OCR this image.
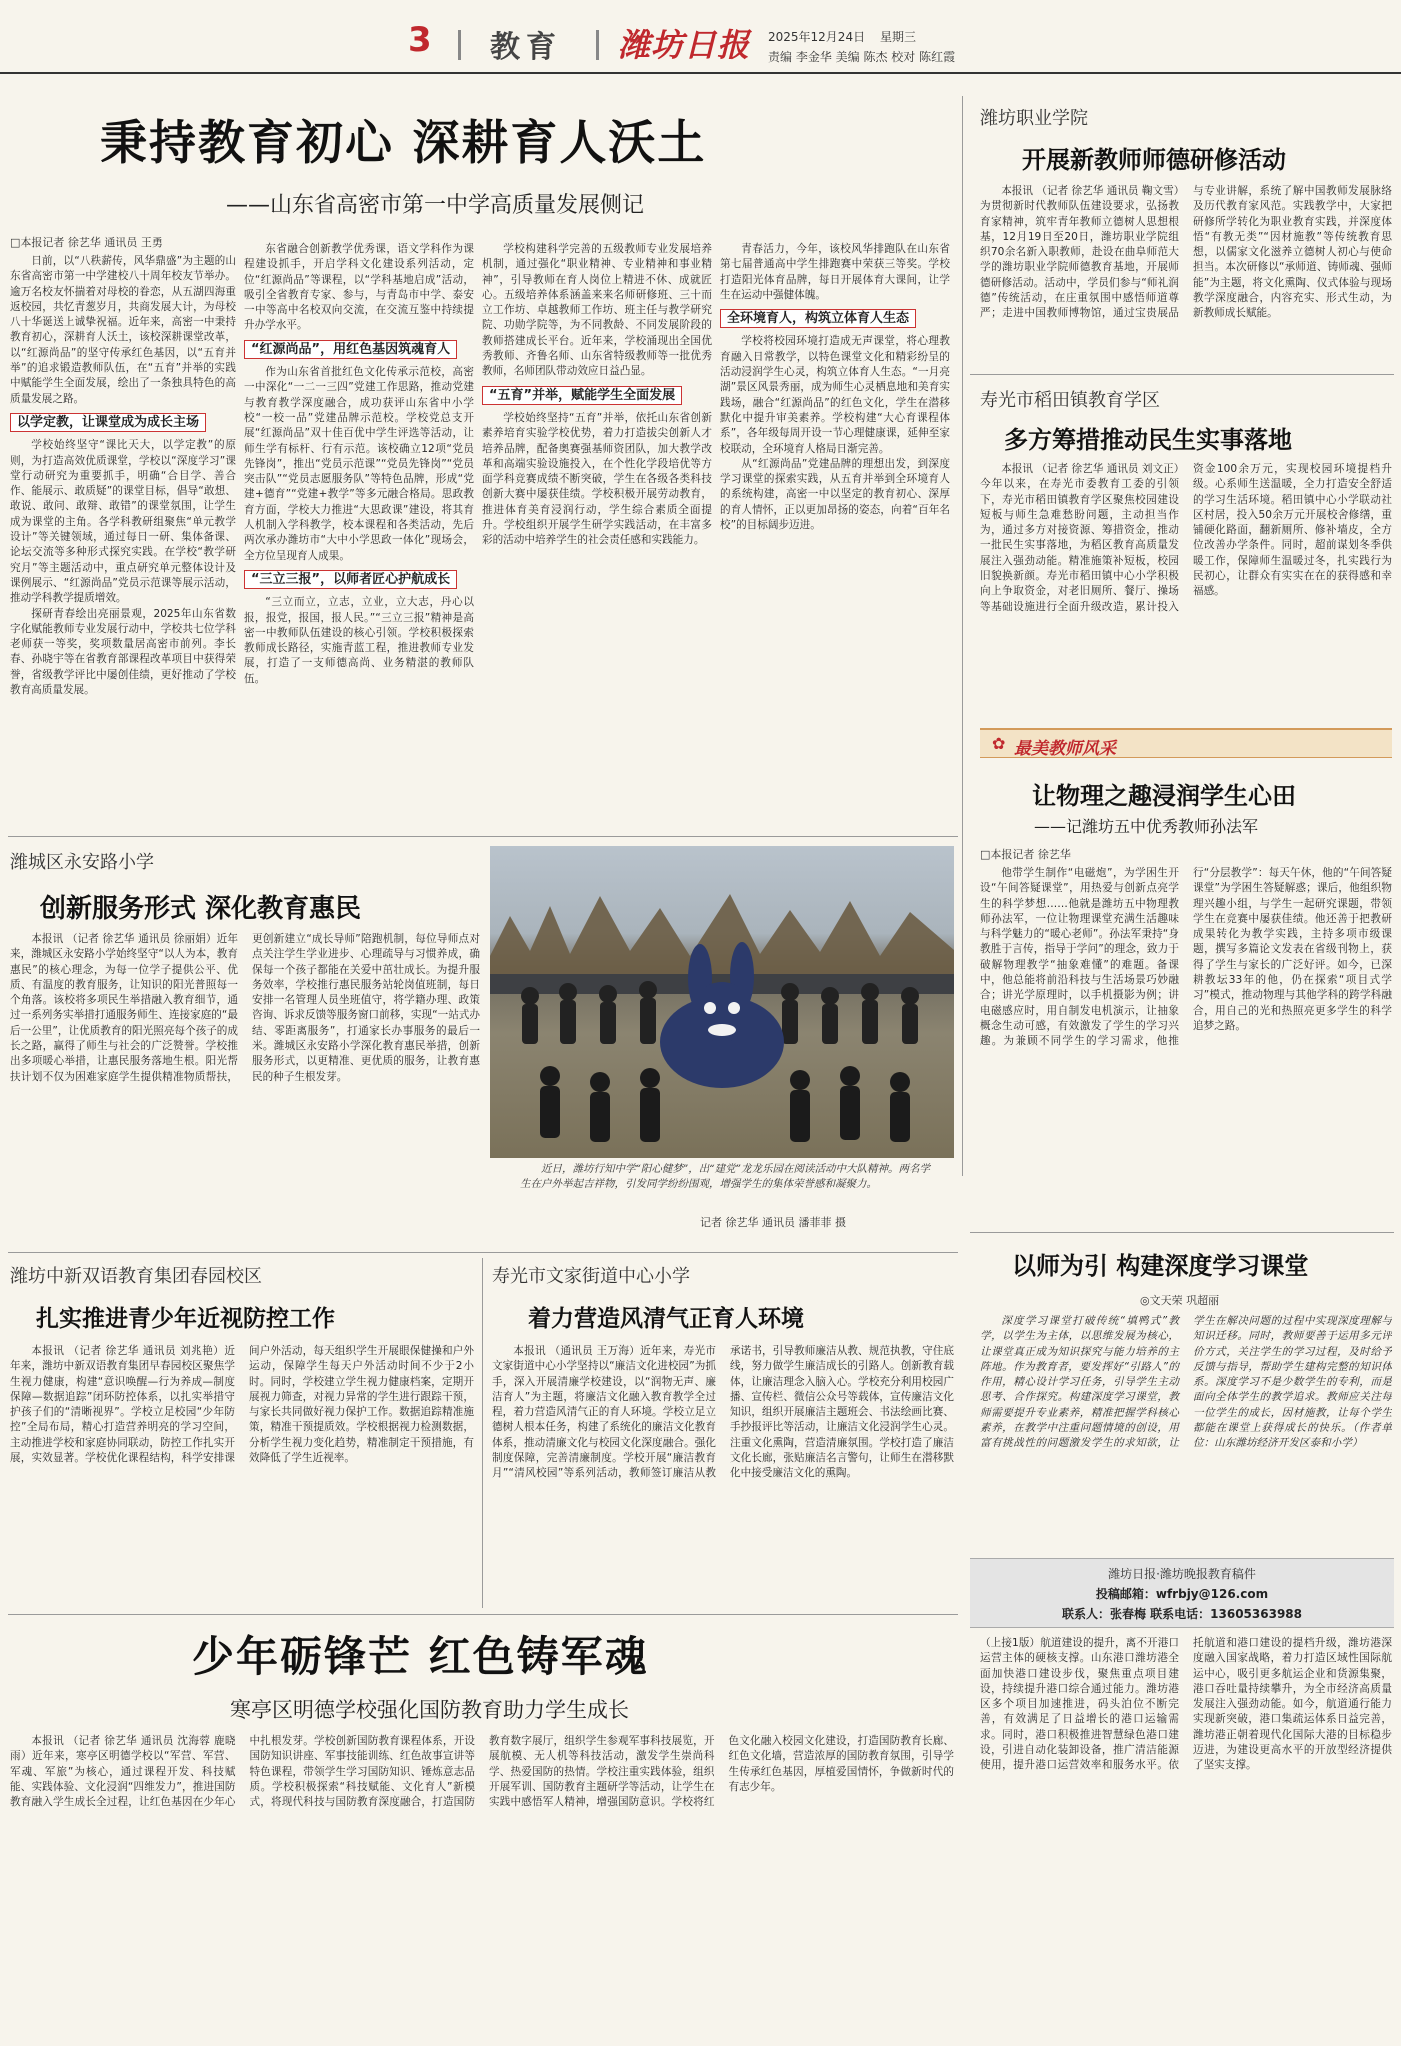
3 教育 潍坊日报 2025年12月24日 星期三
责编 李金华 美编 陈杰 校对 陈红霞
秉持教育初心 深耕育人沃土
——山东省高密市第一中学高质量发展侧记
□本报记者 徐艺华 通讯员 王勇

日前，以“八秩薪传，风华鼎盛”为主题的山东省高密市第一中学建校八十周年校友节举办。逾万名校友怀揣着对母校的眷恋，从五湖四海重返校园，共忆青葱岁月，共商发展大计，为母校八十华诞送上诚挚祝福。近年来，高密一中秉持教育初心，深耕育人沃土，该校深耕课堂改革，以“红源尚品”的坚守传承红色基因，以“五育并举”的追求锻造教师队伍，在“五育”并举的实践中赋能学生全面发展，绘出了一条独具特色的高质量发展之路。

以学定教，让课堂成为成长主场

学校始终坚守“课比天大，以学定教”的原则，为打造高效优质课堂，学校以“深度学习”课堂行动研究为重要抓手，明确“合目学、善合作、能展示、敢质疑”的课堂目标，倡导“敢想、敢说、敢问、敢辩、敢错”的课堂氛围，让学生成为课堂的主角。各学科教研组聚焦“单元教学设计”等关键领域，通过每日一研、集体备课、论坛交流等多种形式探究实践。在学校“教学研究月”等主题活动中，重点研究单元整体设计及课例展示、“红源尚品”党员示范课等展示活动，推动学科教学提质增效。

探研青春绘出亮丽景观，2025年山东省数字化赋能教师专业发展行动中，学校共七位学科老师获一等奖，奖项数量居高密市前列。李长春、孙晓宇等在省教育部课程改革项目中获得荣誉，省级教学评比中屡创佳绩，更好推动了学校教育高质量发展。

东省融合创新教学优秀课，语文学科作为课程建设抓手，开启学科文化建设系列活动，定位“红源尚品”等课程，以“学科基地启成”活动，吸引全省教育专家、参与，与青岛市中学、泰安一中等高中名校双向交流，在交流互鉴中持续提升办学水平。

“红源尚品”，用红色基因筑魂育人

作为山东省首批红色文化传承示范校，高密一中深化“一二一三四”党建工作思路，推动党建与教育教学深度融合，成功获评山东省中小学校“一校一品”党建品牌示范校。学校党总支开展“红源尚品”双十佳百优中学生评选等活动，让师生学有标杆、行有示范。该校确立12项“党员先锋岗”，推出“党员示范课”“党员先锋岗”“党员突击队”“党员志愿服务队”等特色品牌，形成“党建+德育”“党建+教学”等多元融合格局。思政教育方面，学校大力推进“大思政课”建设，将其育人机制入学科教学，校本课程和各类活动，先后两次承办潍坊市“大中小学思政一体化”现场会，全方位呈现育人成果。

“三立三报”，以师者匠心护航成长

“三立而立，立志，立业，立大志，丹心以报，报党，报国，报人民。”“三立三报”精神是高密一中教师队伍建设的核心引领。学校积极探索教师成长路径，实施青蓝工程，推进教师专业发展，打造了一支师德高尚、业务精湛的教师队伍。

学校构建科学完善的五级教师专业发展培养机制，通过强化“职业精神、专业精神和事业精神”，引导教师在育人岗位上精进不休、成就匠心。五级培养体系涵盖来来名师研修班、三十而立工作坊、卓越教师工作坊、班主任与教学研究院、功勋学院等，为不同教龄、不同发展阶段的教师搭建成长平台。近年来，学校涌现出全国优秀教师、齐鲁名师、山东省特级教师等一批优秀教师，名师团队带动效应日益凸显。

“五育”并举，赋能学生全面发展

学校始终坚持“五育”并举，依托山东省创新素养培育实验学校优势，着力打造拔尖创新人才培养品牌，配备奥赛强基师资团队，加大教学改革和高端实验设施投入，在个性化学段培优等方面学科竞赛成绩不断突破，学生在各级各类科技创新大赛中屡获佳绩。学校积极开展劳动教育，推进体育美育浸润行动，学生综合素质全面提升。学校组织开展学生研学实践活动，在丰富多彩的活动中培养学生的社会责任感和实践能力。

青春活力，今年，该校风华排跑队在山东省第七届普通高中学生排跑赛中荣获三等奖。学校打造阳光体育品牌，每日开展体育大课间，让学生在运动中强健体魄。

全环境育人，构筑立体育人生态

学校将校园环境打造成无声课堂，将心理教育融入日常教学，以特色课堂文化和精彩纷呈的活动浸润学生心灵，构筑立体育人生态。“一月亮湖”景区风景秀丽，成为师生心灵栖息地和美育实践场，融合“红源尚品”的红色文化，学生在潜移默化中提升审美素养。学校构建“大心育课程体系”，各年级每周开设一节心理健康课，延伸至家校联动，全环境育人格局日渐完善。

从“红源尚品”党建品牌的理想出发，到深度学习课堂的探索实践，从五育并举到全环境育人的系统构建，高密一中以坚定的教育初心、深厚的育人情怀，正以更加昂扬的姿态，向着“百年名校”的目标阔步迈进。

潍坊职业学院
开展新教师师德研修活动
本报讯 （记者 徐艺华 通讯员 鞠文雪）为贯彻新时代教师队伍建设要求，弘扬教育家精神，筑牢青年教师立德树人思想根基，12月19日至20日，潍坊职业学院组织70余名新入职教师，赴设在曲阜师范大学的潍坊职业学院师德教育基地，开展师德研修活动。活动中，学员们参与“师礼润德”传统活动，在庄重氛围中感悟师道尊严；走进中国教师博物馆，通过宝贵展品与专业讲解，系统了解中国教师发展脉络及历代教育家风范。实践教学中，大家把研修所学转化为职业教育实践，并深度体悟“有教无类”“因材施教”等传统教育思想，以儒家文化滋养立德树人初心与使命担当。本次研修以“承师道、铸师魂、强师能”为主题，将文化熏陶、仪式体验与现场教学深度融合，内容充实、形式生动，为新教师成长赋能。
寿光市稻田镇教育学区
多方筹措推动民生实事落地
本报讯 （记者 徐艺华 通讯员 刘文正）今年以来，在寿光市委教育工委的引领下，寿光市稻田镇教育学区聚焦校园建设短板与师生急难愁盼问题，主动担当作为，通过多方对接资源、筹措资金，推动一批民生实事落地，为稻区教育高质量发展注入强劲动能。精准施策补短板，校园旧貌换新颜。寿光市稻田镇中心小学积极向上争取资金，对老旧厕所、餐厅、操场等基础设施进行全面升级改造，累计投入资金100余万元，实现校园环境提档升级。心系师生送温暖，全力打造安全舒适的学习生活环境。稻田镇中心小学联动社区村居，投入50余万元开展校舍修缮，重铺硬化路面，翻新厕所、修补墙皮，全方位改善办学条件。同时，超前谋划冬季供暖工作，保障师生温暖过冬，扎实践行为民初心，让群众有实实在在的获得感和幸福感。
✿ 最美教师风采
让物理之趣浸润学生心田
——记潍坊五中优秀教师孙法军
□本报记者 徐艺华
他带学生制作“电磁炮”，为学困生开设“午间答疑课堂”，用热爱与创新点亮学生的科学梦想……他就是潍坊五中物理教师孙法军，一位让物理课堂充满生活趣味与科学魅力的“暖心老师”。孙法军秉持“身教胜于言传，指导于学问”的理念，致力于破解物理教学“抽象难懂”的难题。备课中，他总能将前沿科技与生活场景巧妙融合；讲光学原理时，以手机摄影为例；讲电磁感应时，用自制发电机演示，让抽象概念生动可感，有效激发了学生的学习兴趣。为兼顾不同学生的学习需求，他推行“分层教学”：每天午休，他的“午间答疑课堂”为学困生答疑解惑；课后，他组织物理兴趣小组，与学生一起研究课题，带领学生在竞赛中屡获佳绩。他还善于把教研成果转化为教学实践，主持多项市级课题，撰写多篇论文发表在省级刊物上，获得了学生与家长的广泛好评。如今，已深耕教坛33年的他，仍在探索“项目式学习”模式，推动物理与其他学科的跨学科融合，用自己的光和热照亮更多学生的科学追梦之路。
以师为引 构建深度学习课堂
◎文天荣 巩超丽
深度学习课堂打破传统“填鸭式”教学，以学生为主体，以思维发展为核心，让课堂真正成为知识探究与能力培养的主阵地。作为教育者，要发挥好“引路人”的作用，精心设计学习任务，引导学生主动思考、合作探究。构建深度学习课堂，教师需要提升专业素养，精准把握学科核心素养，在教学中注重问题情境的创设，用富有挑战性的问题激发学生的求知欲，让学生在解决问题的过程中实现深度理解与知识迁移。同时，教师要善于运用多元评价方式，关注学生的学习过程，及时给予反馈与指导，帮助学生建构完整的知识体系。深度学习不是少数学生的专利，而是面向全体学生的教学追求。教师应关注每一位学生的成长，因材施教，让每个学生都能在课堂上获得成长的快乐。（作者单位：山东潍坊经济开发区泰和小学）
潍坊日报·潍坊晚报教育稿件
投稿邮箱：wfrbjy@126.com
联系人：张春梅 联系电话：13605363988
（上接1版）航道建设的提升，离不开港口运营主体的硬核支撑。山东港口潍坊港全面加快港口建设步伐，聚焦重点项目建设，持续提升港口综合通过能力。潍坊港区多个项目加速推进，码头泊位不断完善，有效满足了日益增长的港口运输需求。同时，港口积极推进智慧绿色港口建设，引进自动化装卸设备，推广清洁能源使用，提升港口运营效率和服务水平。依托航道和港口建设的提档升级，潍坊港深度融入国家战略，着力打造区域性国际航运中心，吸引更多航运企业和货源集聚，港口吞吐量持续攀升，为全市经济高质量发展注入强劲动能。如今，航道通行能力实现新突破，港口集疏运体系日益完善，潍坊港正朝着现代化国际大港的目标稳步迈进，为建设更高水平的开放型经济提供了坚实支撑。
潍城区永安路小学
创新服务形式 深化教育惠民
本报讯 （记者 徐艺华 通讯员 徐丽娟）近年来，潍城区永安路小学始终坚守“以人为本，教育惠民”的核心理念，为每一位学子提供公平、优质、有温度的教育服务，让知识的阳光普照每一个角落。该校将多项民生举措融入教育细节，通过一系列务实举措打通服务师生、连接家庭的“最后一公里”，让优质教育的阳光照亮每个孩子的成长之路，赢得了师生与社会的广泛赞誉。学校推出多项暖心举措，让惠民服务落地生根。阳光帮扶计划不仅为困难家庭学生提供精准物质帮扶，更创新建立“成长导师”陪跑机制，每位导师点对点关注学生学业进步、心理疏导与习惯养成，确保每一个孩子都能在关爱中茁壮成长。为提升服务效率，学校推行惠民服务站轮岗值班制，每日安排一名管理人员坐班值守，将学籍办理、政策咨询、诉求反馈等服务窗口前移，实现“一站式办结、零距离服务”，打通家长办事服务的最后一米。潍城区永安路小学深化教育惠民举措，创新服务形式，以更精准、更优质的服务，让教育惠民的种子生根发芽。
近日，潍坊行知中学“阳心健梦”，出“建党”龙龙乐园在阅读活动中大队精神。两名学生在户外举起吉祥物，引发同学纷纷围观，增强学生的集体荣誉感和凝聚力。
记者 徐艺华 通讯员 潘菲菲 摄
潍坊中新双语教育集团春园校区
扎实推进青少年近视防控工作
本报讯 （记者 徐艺华 通讯员 刘兆艳）近年来，潍坊中新双语教育集团早春园校区聚焦学生视力健康，构建“意识唤醒—行为养成—制度保障—数据追踪”闭环防控体系，以扎实举措守护孩子们的“清晰视界”。学校立足校园“少年防控”全局布局，精心打造营养明亮的学习空间，主动推进学校和家庭协同联动，防控工作扎实开展，实效显著。学校优化课程结构，科学安排课间户外活动，每天组织学生开展眼保健操和户外运动，保障学生每天户外活动时间不少于2小时。同时，学校建立学生视力健康档案，定期开展视力筛查，对视力异常的学生进行跟踪干预，与家长共同做好视力保护工作。数据追踪精准施策，精准干预提质效。学校根据视力检测数据，分析学生视力变化趋势，精准制定干预措施，有效降低了学生近视率。
寿光市文家街道中心小学
着力营造风清气正育人环境
本报讯 （通讯员 王万海）近年来，寿光市文家街道中心小学坚持以“廉洁文化进校园”为抓手，深入开展清廉学校建设，以“润物无声、廉洁育人”为主题，将廉洁文化融入教育教学全过程，着力营造风清气正的育人环境。学校立足立德树人根本任务，构建了系统化的廉洁文化教育体系，推动清廉文化与校园文化深度融合。强化制度保障，完善清廉制度。学校开展“廉洁教育月”“清风校园”等系列活动，教师签订廉洁从教承诺书，引导教师廉洁从教、规范执教，守住底线，努力做学生廉洁成长的引路人。创新教育载体，让廉洁理念入脑入心。学校充分利用校园广播、宣传栏、微信公众号等载体，宣传廉洁文化知识，组织开展廉洁主题班会、书法绘画比赛、手抄报评比等活动，让廉洁文化浸润学生心灵。注重文化熏陶，营造清廉氛围。学校打造了廉洁文化长廊，张贴廉洁名言警句，让师生在潜移默化中接受廉洁文化的熏陶。
少年砺锋芒 红色铸军魂
寒亭区明德学校强化国防教育助力学生成长
本报讯 （记者 徐艺华 通讯员 沈海蓉 鹿晓雨）近年来，寒亭区明德学校以“军营、军营、军魂、军旅”为核心，通过课程开发、科技赋能、实践体验、文化浸润“四维发力”，推进国防教育融入学生成长全过程，让红色基因在少年心中扎根发芽。学校创新国防教育课程体系，开设国防知识讲座、军事技能训练、红色故事宣讲等特色课程，带领学生学习国防知识、锤炼意志品质。学校积极探索“科技赋能、文化育人”新模式，将现代科技与国防教育深度融合，打造国防教育数字展厅，组织学生参观军事科技展览，开展航模、无人机等科技活动，激发学生崇尚科学、热爱国防的热情。学校注重实践体验，组织开展军训、国防教育主题研学等活动，让学生在实践中感悟军人精神，增强国防意识。学校将红色文化融入校园文化建设，打造国防教育长廊、红色文化墙，营造浓厚的国防教育氛围，引导学生传承红色基因，厚植爱国情怀，争做新时代的有志少年。
